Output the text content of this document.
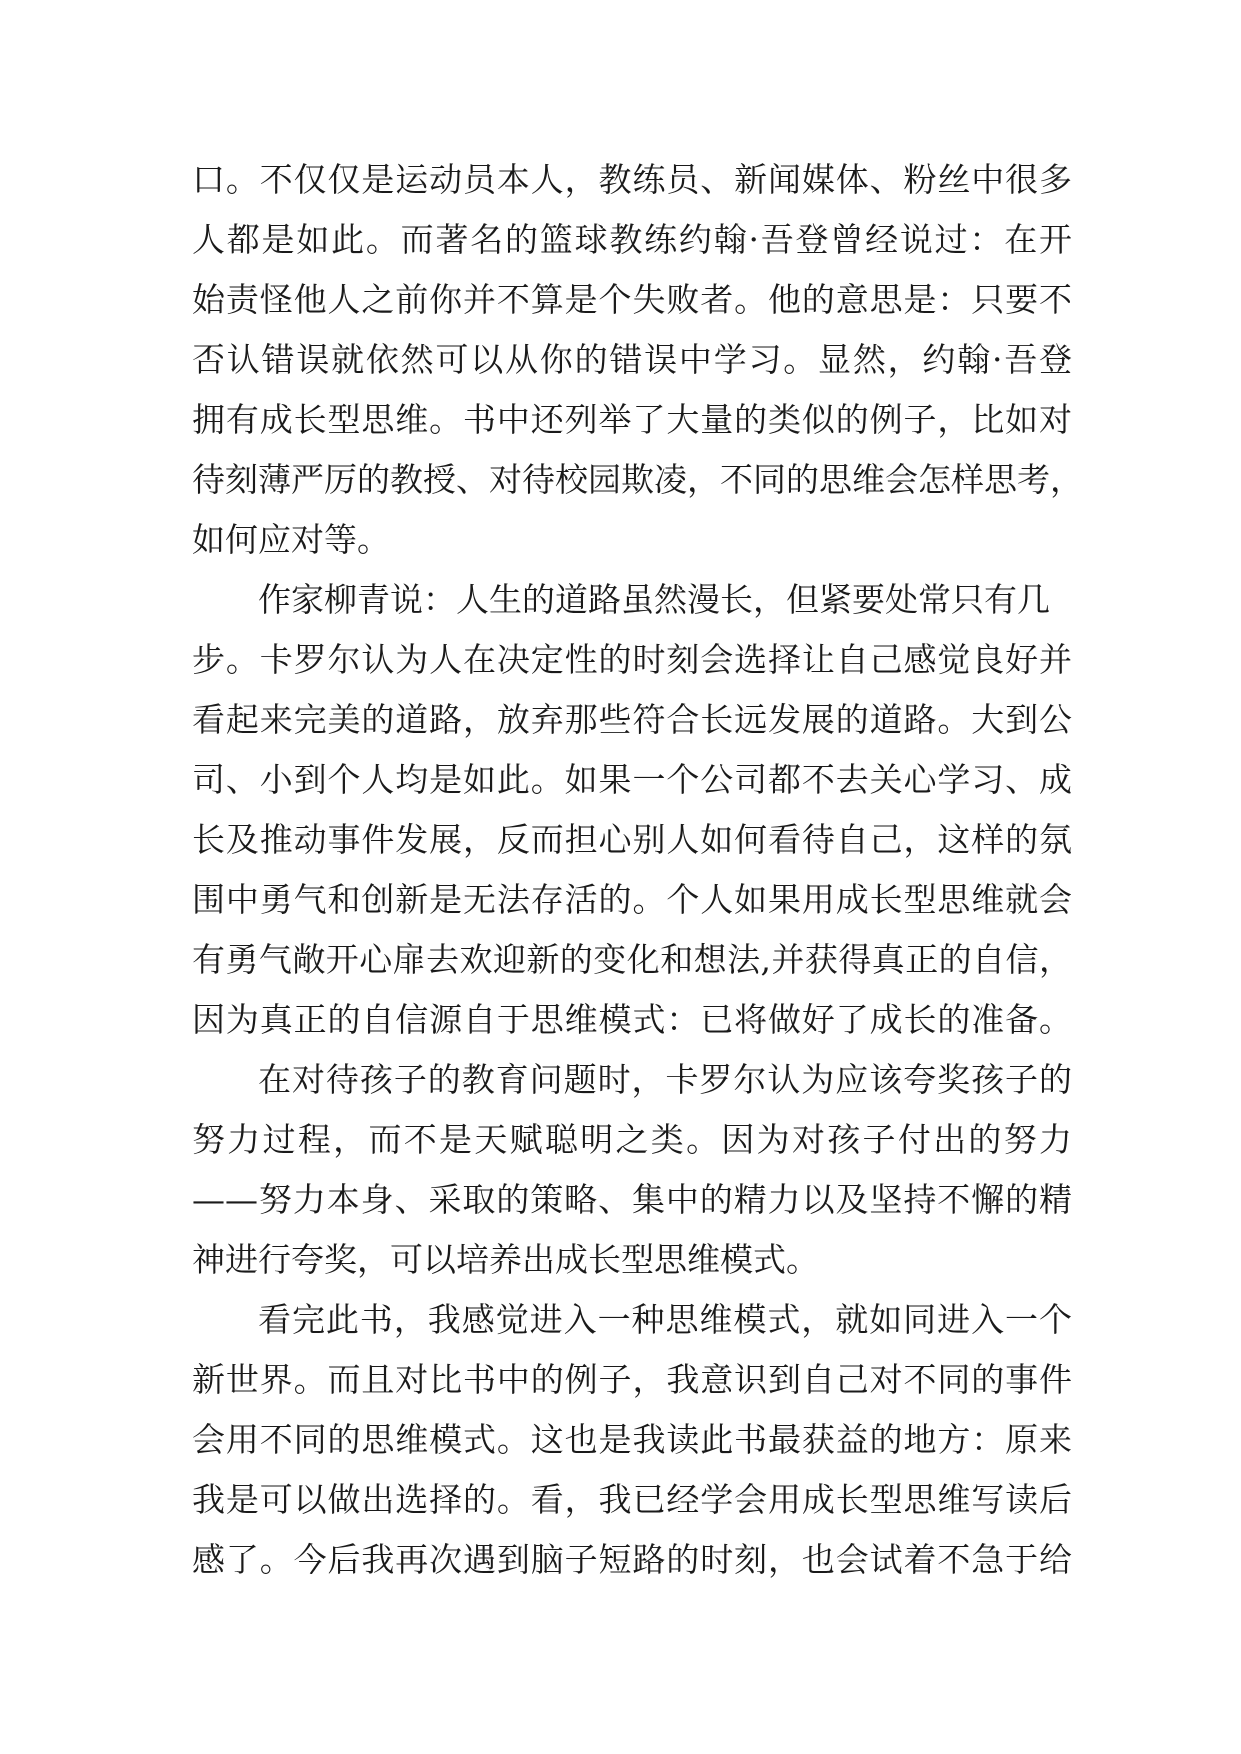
口。不仅仅是运动员本人，教练员、新闻媒体、粉丝中很多
人都是如此。而著名的篮球教练约翰·吾登曾经说过：在开
始责怪他人之前你并不算是个失败者。他的意思是：只要不
否认错误就依然可以从你的错误中学习。显然，约翰·吾登
拥有成长型思维。书中还列举了大量的类似的例子，比如对
待刻薄严厉的教授、对待校园欺凌，不同的思维会怎样思考，
如何应对等。
作家柳青说：人生的道路虽然漫长，但紧要处常只有几
步。卡罗尔认为人在决定性的时刻会选择让自己感觉良好并
看起来完美的道路，放弃那些符合长远发展的道路。大到公
司、小到个人均是如此。如果一个公司都不去关心学习、成
长及推动事件发展，反而担心别人如何看待自己，这样的氛
围中勇气和创新是无法存活的。个人如果用成长型思维就会
有勇气敞开心扉去欢迎新的变化和想法,并获得真正的自信，
因为真正的自信源自于思维模式：已将做好了成长的准备。
在对待孩子的教育问题时，卡罗尔认为应该夸奖孩子的
努力过程，而不是天赋聪明之类。因为对孩子付出的努力
——努力本身、采取的策略、集中的精力以及坚持不懈的精
神进行夸奖，可以培养出成长型思维模式。
看完此书，我感觉进入一种思维模式，就如同进入一个
新世界。而且对比书中的例子，我意识到自己对不同的事件
会用不同的思维模式。这也是我读此书最获益的地方：原来
我是可以做出选择的。看，我已经学会用成长型思维写读后
感了。今后我再次遇到脑子短路的时刻，也会试着不急于给
